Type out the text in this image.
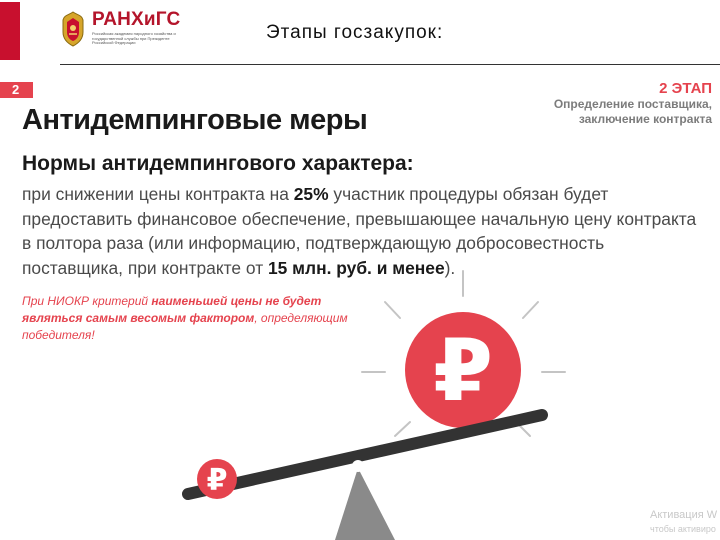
РАНХиГС
Российская академия народного хозяйства и государственной службы при Президенте Российской Федерации	Этапы госзакупок:
2	2 ЭТАП
Определение поставщика,
заключение контракта
Антидемпинговые меры
Нормы антидемпингового характера:
при снижении цены контракта на 25% участник процедуры обязан будет предоставить финансовое обеспечение, превышающее начальную цену контракта в полтора раза (или информацию, подтверждающую добросовестность поставщика, при контракте от 15 млн. руб. и менее).
При НИОКР критерий наименьшей цены не будет являться самым весомым фактором, определяющим победителя!	₽
₽
Активация W
чтобы активиро
